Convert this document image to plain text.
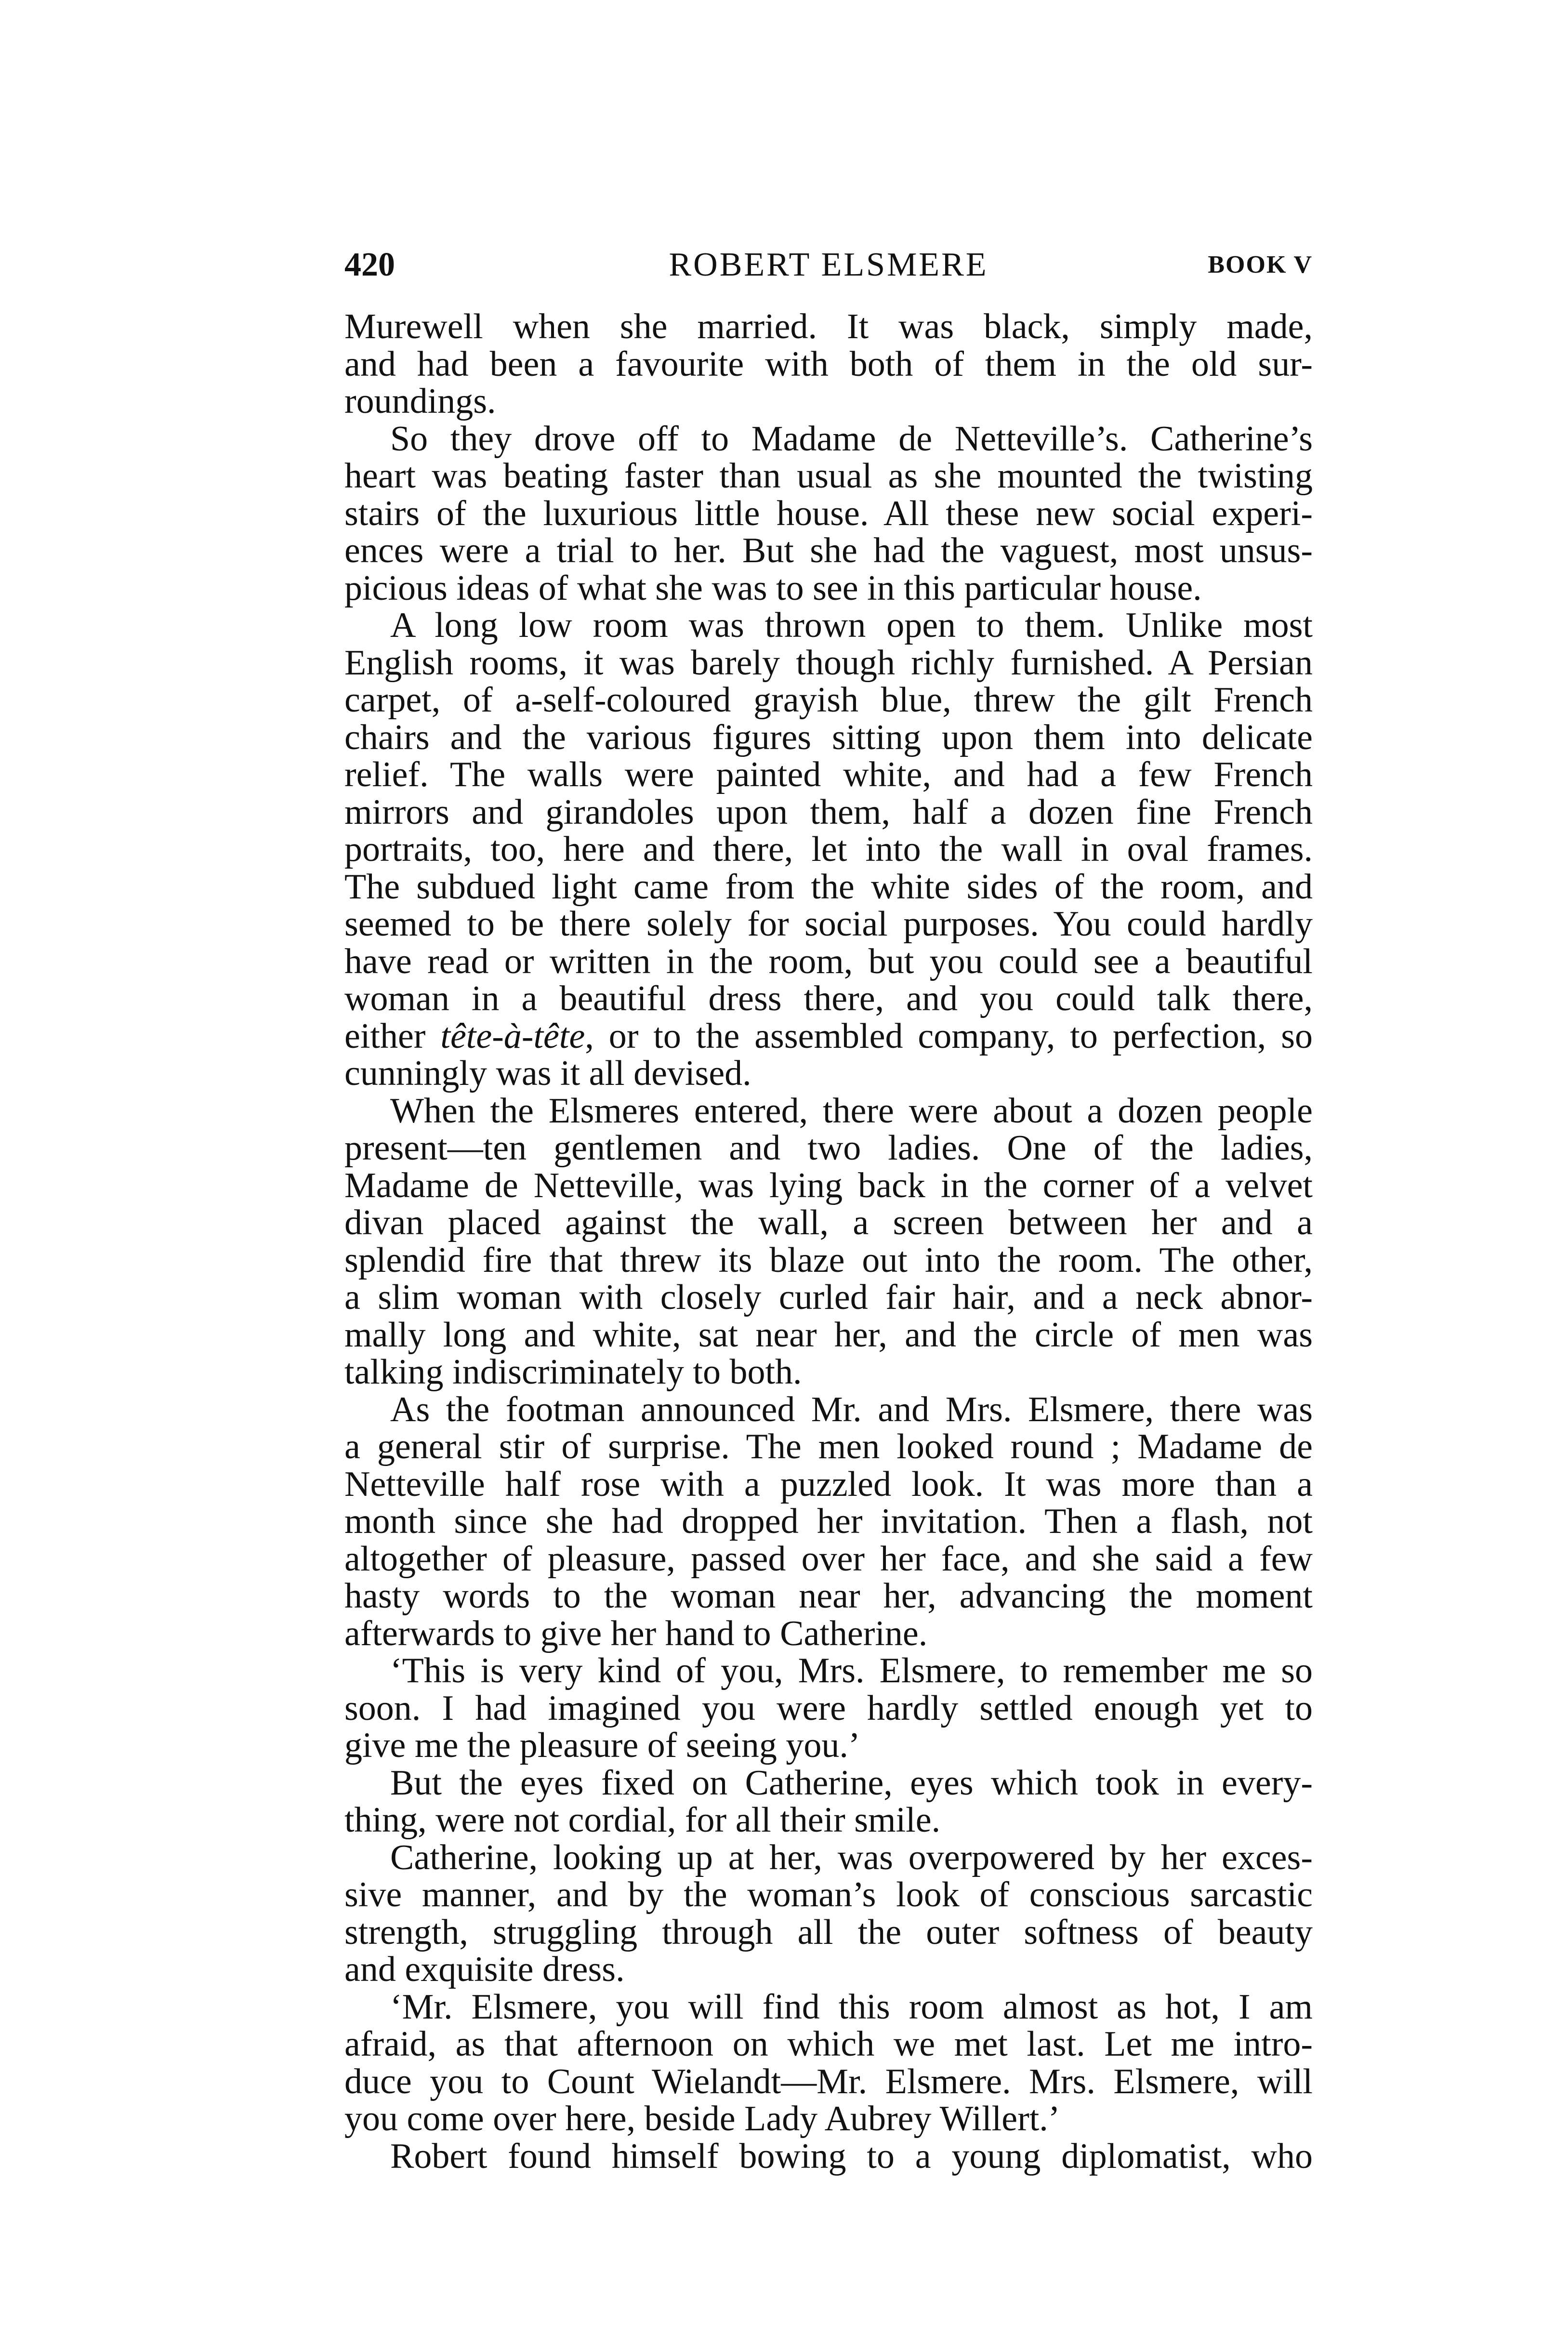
420	ROBERT ELSMERE	BOOK V
Murewell when she married. It was black, simply made,
and had been a favourite with both of them in the old sur-
roundings.
So they drove off to Madame de Netteville’s. Catherine’s
heart was beating faster than usual as she mounted the twisting
stairs of the luxurious little house. All these new social experi-
ences were a trial to her. But she had the vaguest, most unsus-
picious ideas of what she was to see in this particular house.
A long low room was thrown open to them. Unlike most
English rooms, it was barely though richly furnished. A Persian
carpet, of a-self-coloured grayish blue, threw the gilt French
chairs and the various figures sitting upon them into delicate
relief. The walls were painted white, and had a few French
mirrors and girandoles upon them, half a dozen fine French
portraits, too, here and there, let into the wall in oval frames.
The subdued light came from the white sides of the room, and
seemed to be there solely for social purposes. You could hardly
have read or written in the room, but you could see a beautiful
woman in a beautiful dress there, and you could talk there,
either tête-à-tête, or to the assembled company, to perfection, so
cunningly was it all devised.
When the Elsmeres entered, there were about a dozen people
present—ten gentlemen and two ladies. One of the ladies,
Madame de Netteville, was lying back in the corner of a velvet
divan placed against the wall, a screen between her and a
splendid fire that threw its blaze out into the room. The other,
a slim woman with closely curled fair hair, and a neck abnor-
mally long and white, sat near her, and the circle of men was
talking indiscriminately to both.
As the footman announced Mr. and Mrs. Elsmere, there was
a general stir of surprise. The men looked round ; Madame de
Netteville half rose with a puzzled look. It was more than a
month since she had dropped her invitation. Then a flash, not
altogether of pleasure, passed over her face, and she said a few
hasty words to the woman near her, advancing the moment
afterwards to give her hand to Catherine.
‘This is very kind of you, Mrs. Elsmere, to remember me so
soon. I had imagined you were hardly settled enough yet to
give me the pleasure of seeing you.’
But the eyes fixed on Catherine, eyes which took in every-
thing, were not cordial, for all their smile.
Catherine, looking up at her, was overpowered by her exces-
sive manner, and by the woman’s look of conscious sarcastic
strength, struggling through all the outer softness of beauty
and exquisite dress.
‘Mr. Elsmere, you will find this room almost as hot, I am
afraid, as that afternoon on which we met last. Let me intro-
duce you to Count Wielandt—Mr. Elsmere. Mrs. Elsmere, will
you come over here, beside Lady Aubrey Willert.’
Robert found himself bowing to a young diplomatist, who
